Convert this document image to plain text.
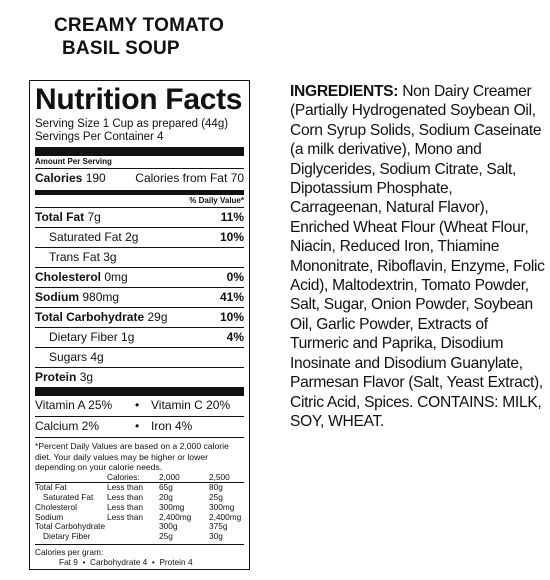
CREAMY TOMATO
BASIL SOUP
Nutrition Facts
Serving Size 1 Cup as prepared (44g)
Servings Per Container 4
Amount Per Serving
Calories 190 Calories from Fat 70
% Daily Value*
Total Fat 7g	11%
Saturated Fat 2g	10%
Trans Fat 3g
Cholesterol 0mg	0%
Sodium 980mg	41%
Total Carbohydrate 29g	10%
Dietary Fiber 1g	4%
Sugars 4g
Protein 3g
Vitamin A 25%	• Vitamin C 20%
Calcium 2%	• Iron 4%
*Percent Daily Values are based on a 2,000 calorie diet. Your daily values may be higher or lower depending on your calorie needs.
	Calories:	2,000	2,500
Total Fat	Less than	65g	80g
Saturated Fat	Less than	20g	25g
Cholesterol	Less than	300mg	300mg
Sodium	Less than	2,400mg	2,400mg
Total Carbohydrate		300g	375g
Dietary Fiber		25g	30g
Calories per gram:
Fat 9  •  Carbohydrate 4  •  Protein 4
INGREDIENTS: Non Dairy Creamer (Partially Hydrogenated Soybean Oil, Corn Syrup Solids, Sodium Caseinate (a milk derivative), Mono and Diglycerides, Sodium Citrate, Salt, Dipotassium Phosphate, Carrageenan, Natural Flavor), Enriched Wheat Flour (Wheat Flour, Niacin, Reduced Iron, Thiamine Mononitrate, Riboflavin, Enzyme, Folic Acid), Maltodextrin, Tomato Powder, Salt, Sugar, Onion Powder, Soybean Oil, Garlic Powder, Extracts of Turmeric and Paprika, Disodium Inosinate and Disodium Guanylate, Parmesan Flavor (Salt, Yeast Extract), Citric Acid, Spices. CONTAINS: MILK, SOY, WHEAT.
